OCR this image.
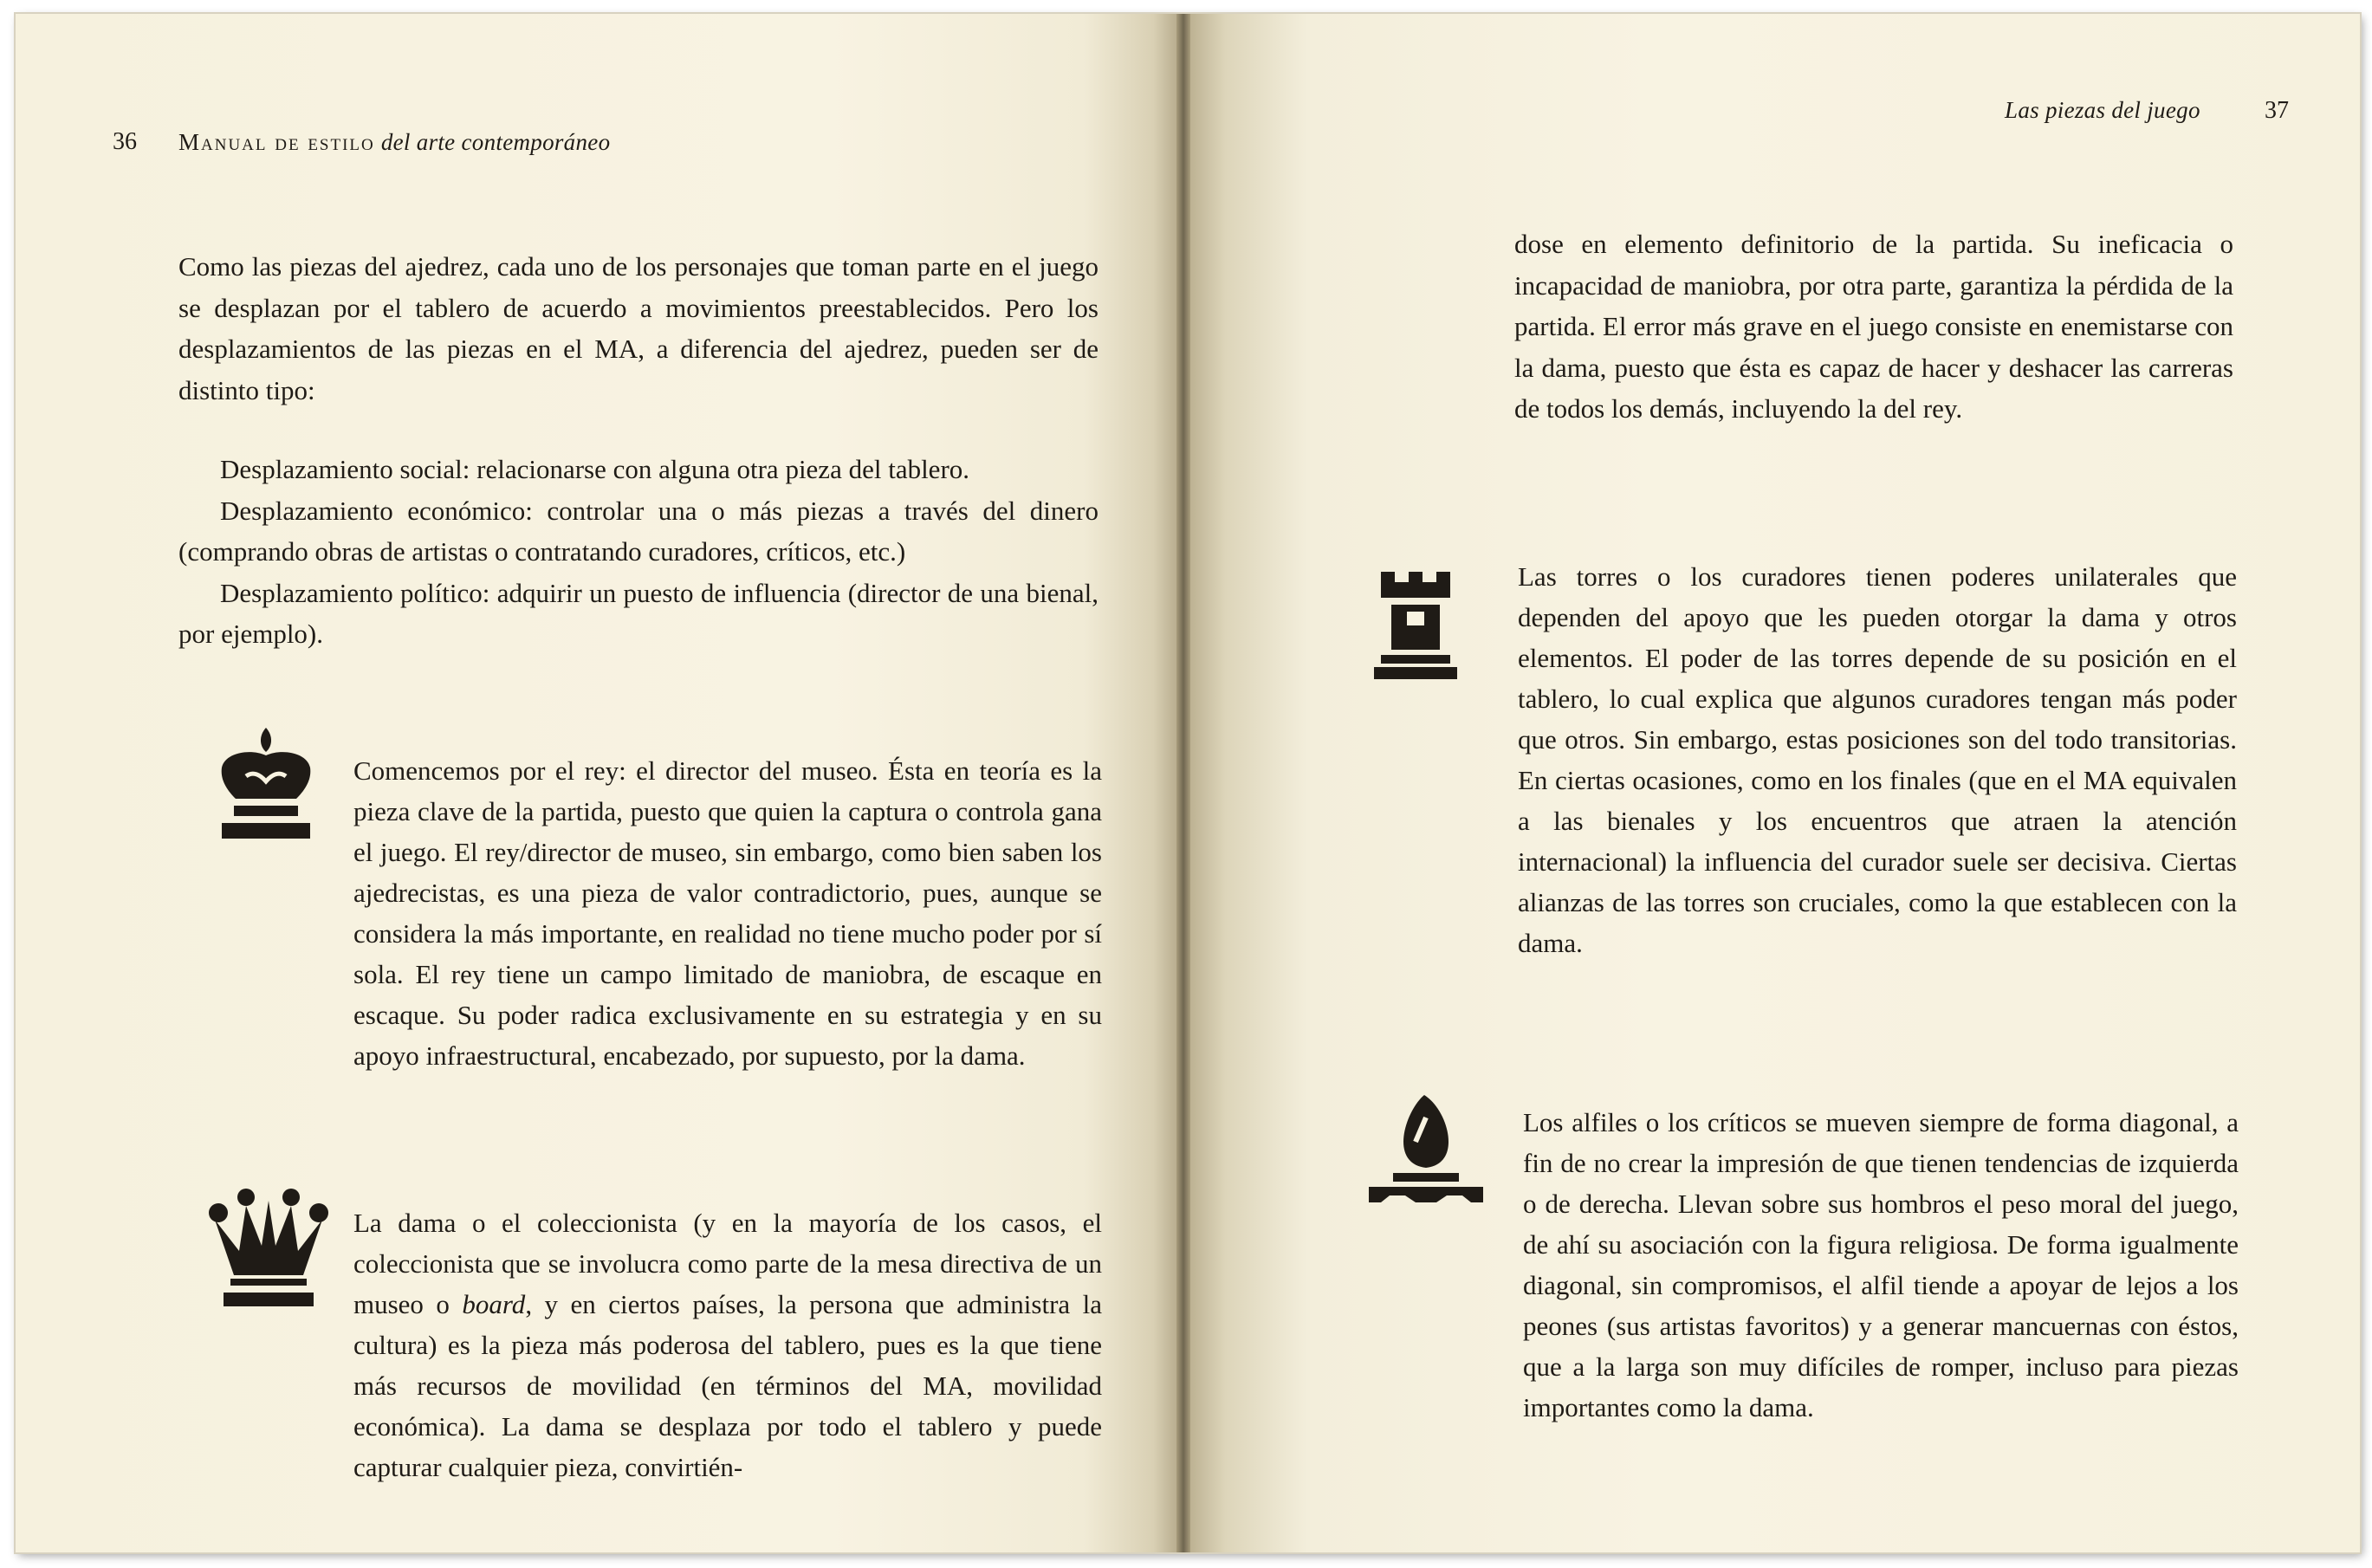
36 Manual de estilo del arte contemporáneo

Como las piezas del ajedrez, cada uno de los personajes que toman parte en el juego se desplazan por el tablero de acuerdo a movimientos preestablecidos. Pero los desplazamientos de las piezas en el MA, a diferencia del ajedrez, pueden ser de distinto tipo:

Desplazamiento social: relacionarse con alguna otra pieza del tablero.

Desplazamiento económico: controlar una o más piezas a través del dinero (comprando obras de artistas o contratando curadores, críticos, etc.)

Desplazamiento político: adquirir un puesto de influencia (director de una bienal, por ejemplo).

Comencemos por el rey: el director del museo. Ésta en teoría es la pieza clave de la partida, puesto que quien la captura o controla gana el juego. El rey/director de museo, sin embargo, como bien saben los ajedrecistas, es una pieza de valor contradictorio, pues, aunque se considera la más importante, en realidad no tiene mucho poder por sí sola. El rey tiene un campo limitado de maniobra, de escaque en escaque. Su poder radica exclusivamente en su estrategia y en su apoyo infraestructural, encabezado, por supuesto, por la dama.

La dama o el coleccionista (y en la mayoría de los casos, el coleccionista que se involucra como parte de la mesa directiva de un museo o board, y en ciertos países, la persona que administra la cultura) es la pieza más poderosa del tablero, pues es la que tiene más recursos de movilidad (en términos del MA, movilidad económica). La dama se desplaza por todo el tablero y puede capturar cualquier pieza, convirtién-

Las piezas del juego	37

dose en elemento definitorio de la partida. Su ineficacia o incapacidad de maniobra, por otra parte, garantiza la pérdida de la partida. El error más grave en el juego consiste en enemistarse con la dama, puesto que ésta es capaz de hacer y deshacer las carreras de todos los demás, incluyendo la del rey.

Las torres o los curadores tienen poderes unilaterales que dependen del apoyo que les pueden otorgar la dama y otros elementos. El poder de las torres depende de su posición en el tablero, lo cual explica que algunos curadores tengan más poder que otros. Sin embargo, estas posiciones son del todo transitorias. En ciertas ocasiones, como en los finales (que en el MA equivalen a las bienales y los encuentros que atraen la atención internacional) la influencia del curador suele ser decisiva. Ciertas alianzas de las torres son cruciales, como la que establecen con la dama.

Los alfiles o los críticos se mueven siempre de forma diagonal, a fin de no crear la impresión de que tienen tendencias de izquierda o de derecha. Llevan sobre sus hombros el peso moral del juego, de ahí su asociación con la figura religiosa. De forma igualmente diagonal, sin compromisos, el alfil tiende a apoyar de lejos a los peones (sus artistas favoritos) y a generar mancuernas con éstos, que a la larga son muy difíciles de romper, incluso para piezas importantes como la dama.
